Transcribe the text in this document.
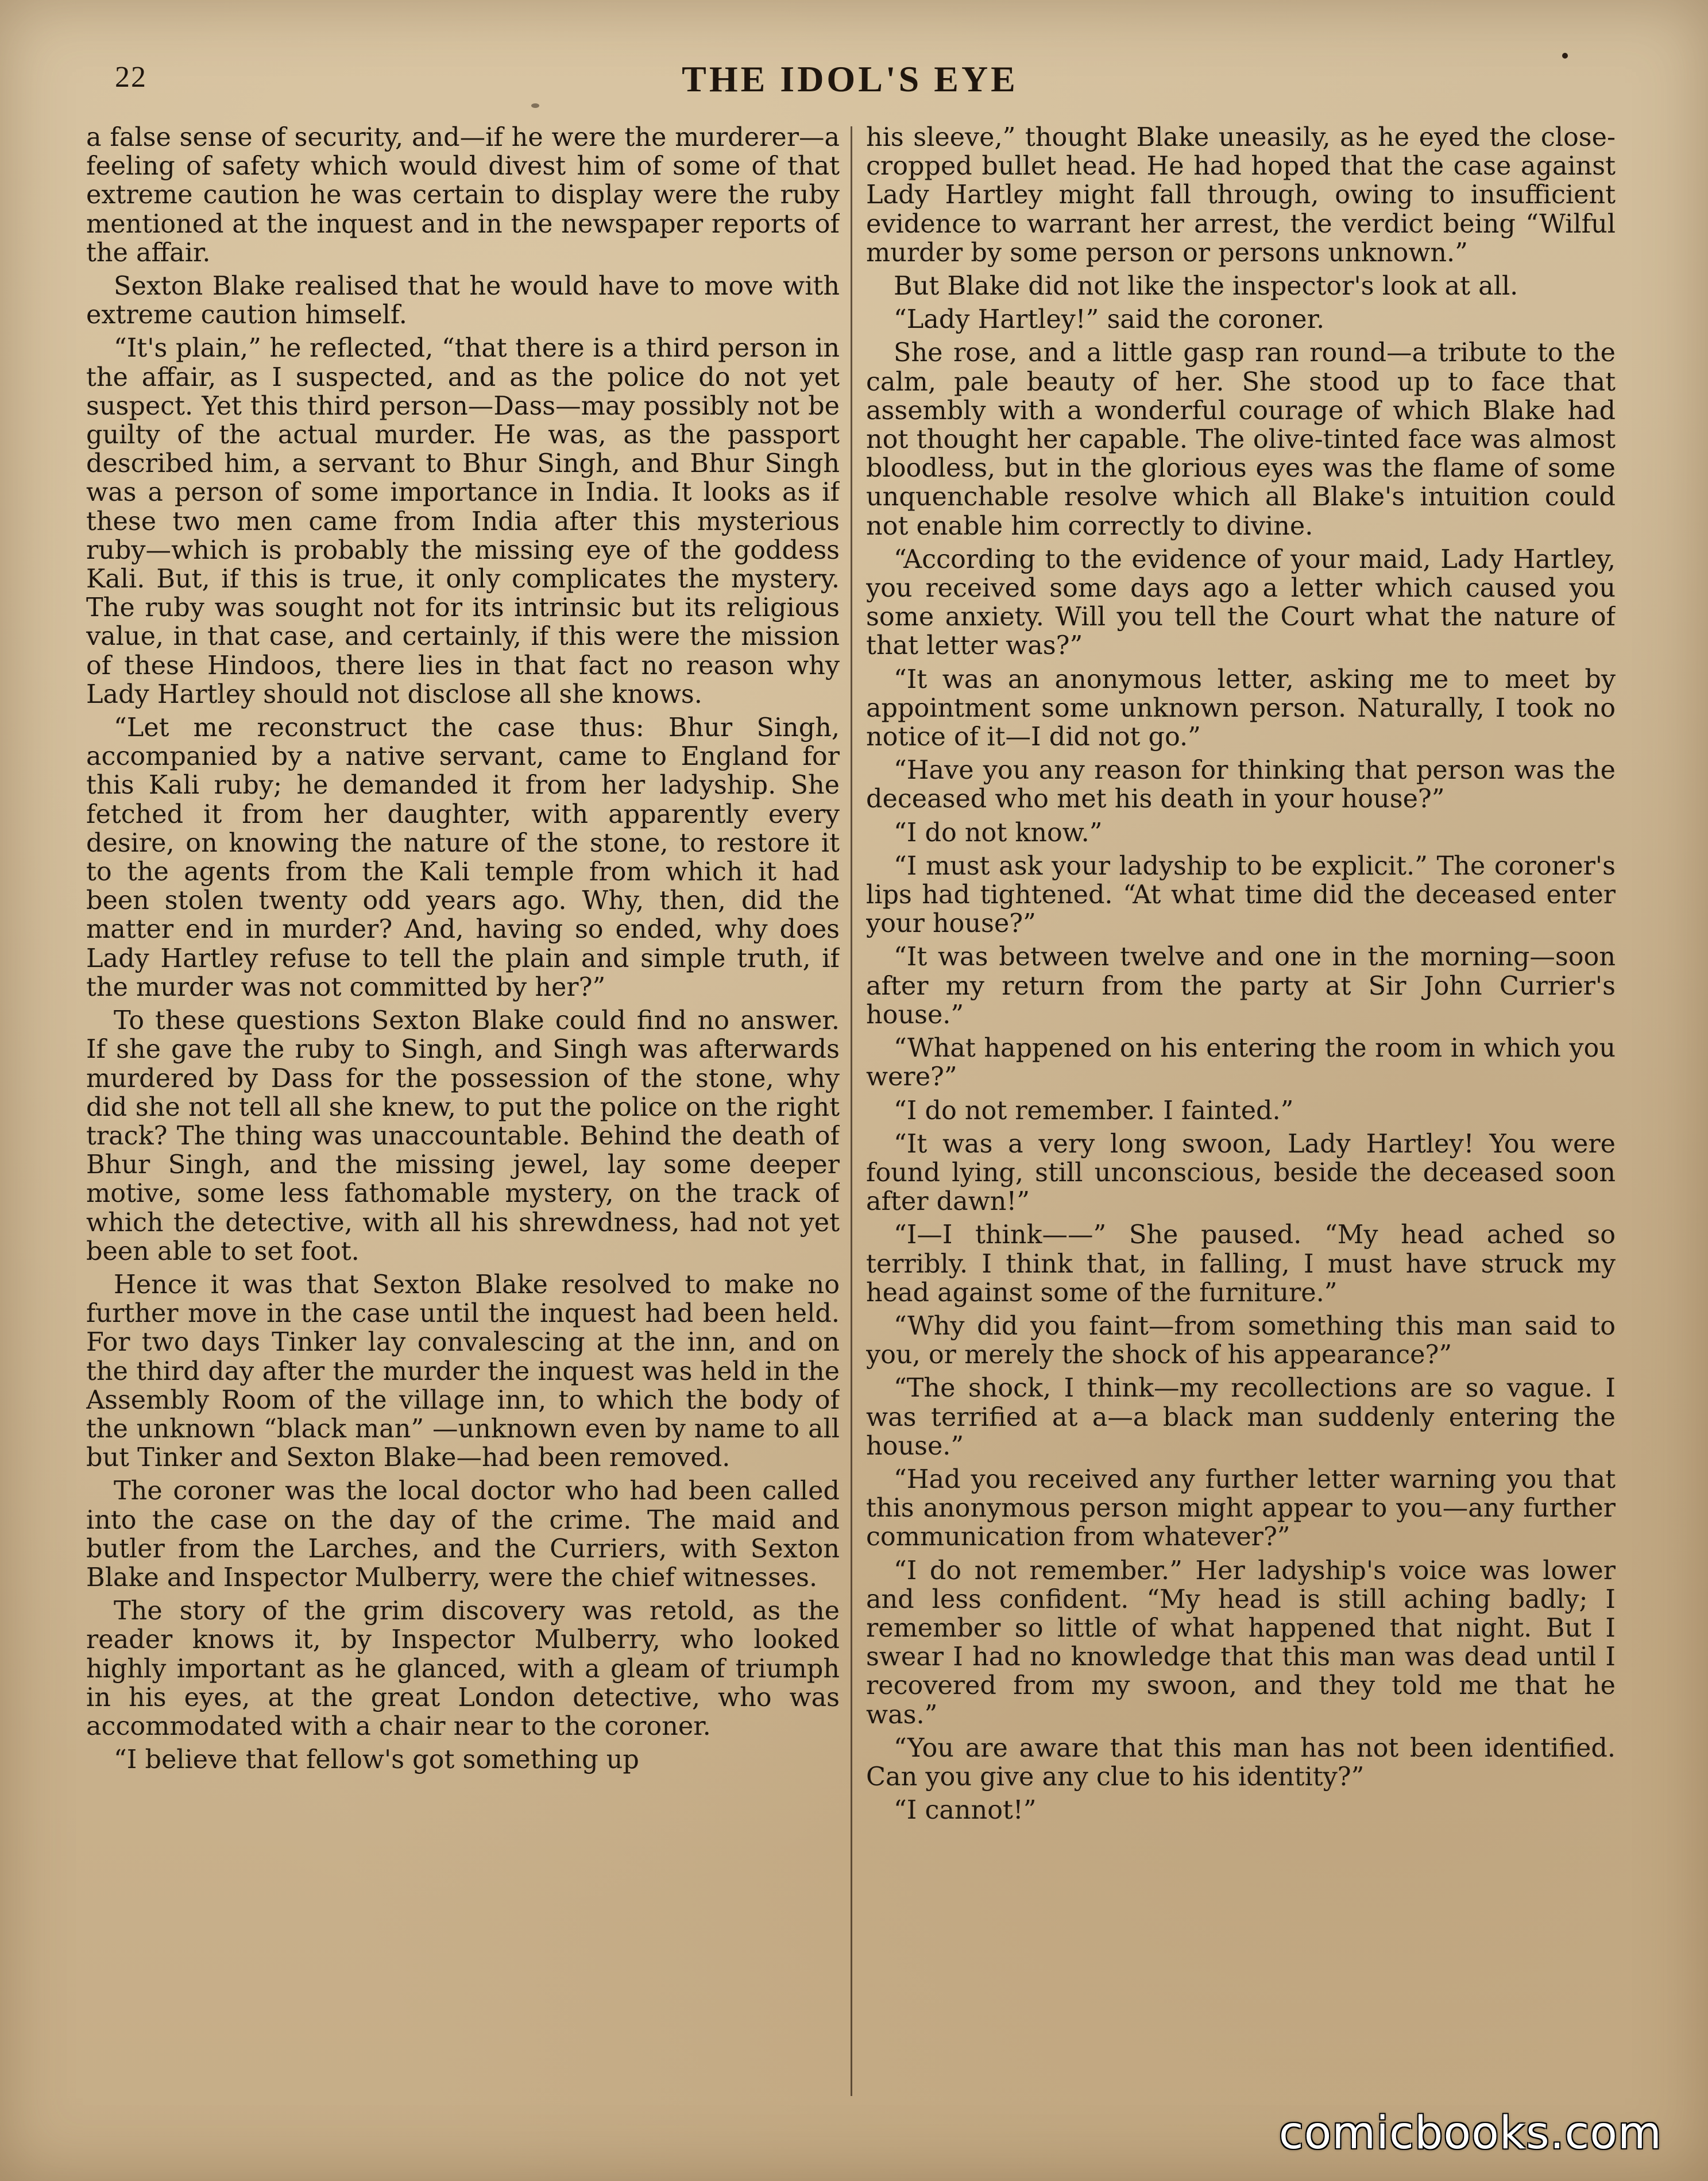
22	THE IDOL'S EYE

a false sense of security, and—if he were the murderer—a feeling of safety which would divest him of some of that extreme caution he was certain to display were the ruby mentioned at the inquest and in the newspaper reports of the affair.

Sexton Blake realised that he would have to move with extreme caution himself.

“It's plain,” he reflected, “that there is a third person in the affair, as I suspected, and as the police do not yet suspect. Yet this third person—Dass—may possibly not be guilty of the actual murder. He was, as the passport described him, a servant to Bhur Singh, and Bhur Singh was a person of some importance in India. It looks as if these two men came from India after this mysterious ruby—which is probably the missing eye of the goddess Kali. But, if this is true, it only complicates the mystery. The ruby was sought not for its intrinsic but its religious value, in that case, and certainly, if this were the mission of these Hindoos, there lies in that fact no reason why Lady Hartley should not disclose all she knows.

“Let me reconstruct the case thus: Bhur Singh, accompanied by a native servant, came to England for this Kali ruby; he demanded it from her ladyship. She fetched it from her daughter, with apparently every desire, on knowing the nature of the stone, to restore it to the agents from the Kali temple from which it had been stolen twenty odd years ago. Why, then, did the matter end in murder? And, having so ended, why does Lady Hartley refuse to tell the plain and simple truth, if the murder was not committed by her?”

To these questions Sexton Blake could find no answer. If she gave the ruby to Singh, and Singh was afterwards murdered by Dass for the possession of the stone, why did she not tell all she knew, to put the police on the right track? The thing was unaccountable. Behind the death of Bhur Singh, and the missing jewel, lay some deeper motive, some less fathomable mystery, on the track of which the detective, with all his shrewdness, had not yet been able to set foot.

Hence it was that Sexton Blake resolved to make no further move in the case until the inquest had been held. For two days Tinker lay convalescing at the inn, and on the third day after the murder the inquest was held in the Assembly Room of the village inn, to which the body of the unknown “black man” —unknown even by name to all but Tinker and Sexton Blake—had been removed.

The coroner was the local doctor who had been called into the case on the day of the crime. The maid and butler from the Larches, and the Curriers, with Sexton Blake and Inspector Mulberry, were the chief witnesses.

The story of the grim discovery was retold, as the reader knows it, by Inspector Mulberry, who looked highly important as he glanced, with a gleam of triumph in his eyes, at the great London detective, who was accommodated with a chair near to the coroner.

“I believe that fellow's got something up

his sleeve,” thought Blake uneasily, as he eyed the close-cropped bullet head. He had hoped that the case against Lady Hartley might fall through, owing to insufficient evidence to warrant her arrest, the verdict being “Wilful murder by some person or persons unknown.”

But Blake did not like the inspector's look at all.

“Lady Hartley!” said the coroner.

She rose, and a little gasp ran round—a tribute to the calm, pale beauty of her. She stood up to face that assembly with a wonderful courage of which Blake had not thought her capable. The olive-tinted face was almost bloodless, but in the glorious eyes was the flame of some unquenchable resolve which all Blake's intuition could not enable him correctly to divine.

“According to the evidence of your maid, Lady Hartley, you received some days ago a letter which caused you some anxiety. Will you tell the Court what the nature of that letter was?”

“It was an anonymous letter, asking me to meet by appointment some unknown person. Naturally, I took no notice of it—I did not go.”

“Have you any reason for thinking that person was the deceased who met his death in your house?”

“I do not know.”

“I must ask your ladyship to be explicit.” The coroner's lips had tightened. “At what time did the deceased enter your house?”

“It was between twelve and one in the morning—soon after my return from the party at Sir John Currier's house.”

“What happened on his entering the room in which you were?”

“I do not remember. I fainted.”

“It was a very long swoon, Lady Hartley! You were found lying, still unconscious, beside the deceased soon after dawn!”

“I—I think——” She paused. “My head ached so terribly. I think that, in falling, I must have struck my head against some of the furniture.”

“Why did you faint—from something this man said to you, or merely the shock of his appearance?”

“The shock, I think—my recollections are so vague. I was terrified at a—a black man suddenly entering the house.”

“Had you received any further letter warning you that this anonymous person might appear to you—any further communication from whatever?”

“I do not remember.” Her ladyship's voice was lower and less confident. “My head is still aching badly; I remember so little of what happened that night. But I swear I had no knowledge that this man was dead until I recovered from my swoon, and they told me that he was.”

“You are aware that this man has not been identified. Can you give any clue to his identity?”

“I cannot!”

comicbooks.com
